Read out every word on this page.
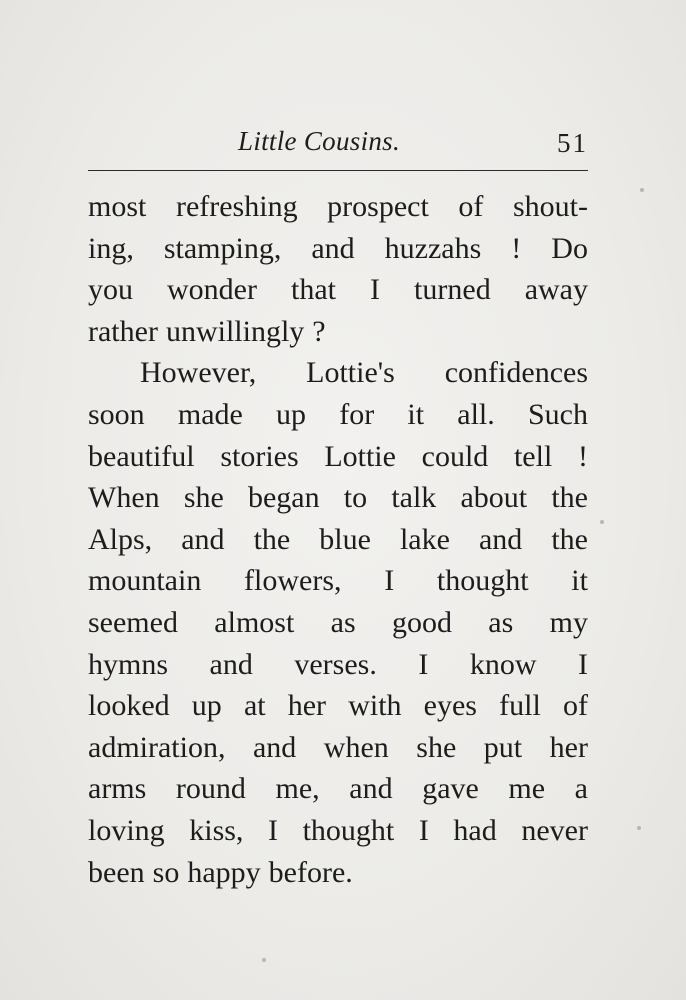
Little Cousins.	51
most refreshing prospect of shout-
ing, stamping, and huzzahs ! Do
you wonder that I turned away
rather unwillingly ?
However, Lottie's confidences
soon made up for it all. Such
beautiful stories Lottie could tell !
When she began to talk about the
Alps, and the blue lake and the
mountain flowers, I thought it
seemed almost as good as my
hymns and verses. I know I
looked up at her with eyes full of
admiration, and when she put her
arms round me, and gave me a
loving kiss, I thought I had never
been so happy before.
